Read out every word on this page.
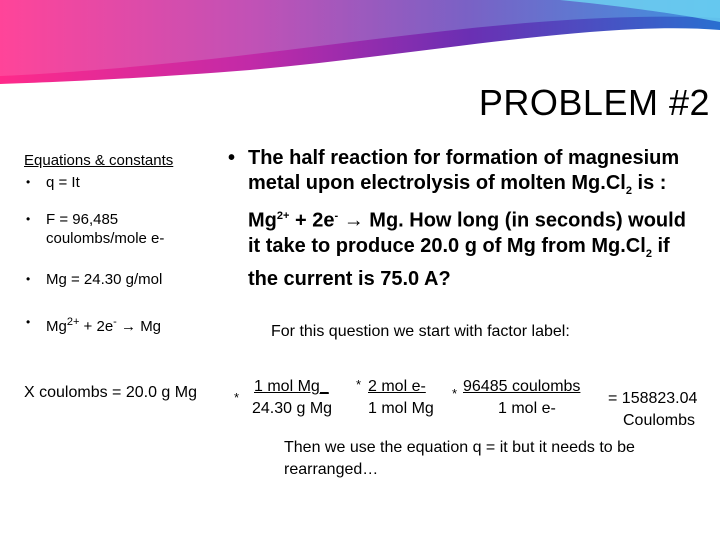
PROBLEM #2
Equations & constants
• q = It
• F = 96,485
coulombs/mole e-
• Mg = 24.30 g/mol
• $Mg^{2+} + 2e^- \to Mg$
• The half reaction for formation of magnesium metal upon electrolysis of molten $Mg.Cl_2$ is : $Mg^{2+} + 2e^- \to Mg$. How long (in seconds) would it take to produce 20.0 g of Mg from $Mg.Cl_2$ if the current is 75.0 A?
For this question we start with factor label:
X coulombs = 20.0 g Mg	*
1 mol Mg_
24.30 g Mg
* 2 mol e-
1 mol Mg
* 96485 coulombs
1 mol e-
= 158823.04
Coulombs
Then we use the equation q = it but it needs to be rearranged…
